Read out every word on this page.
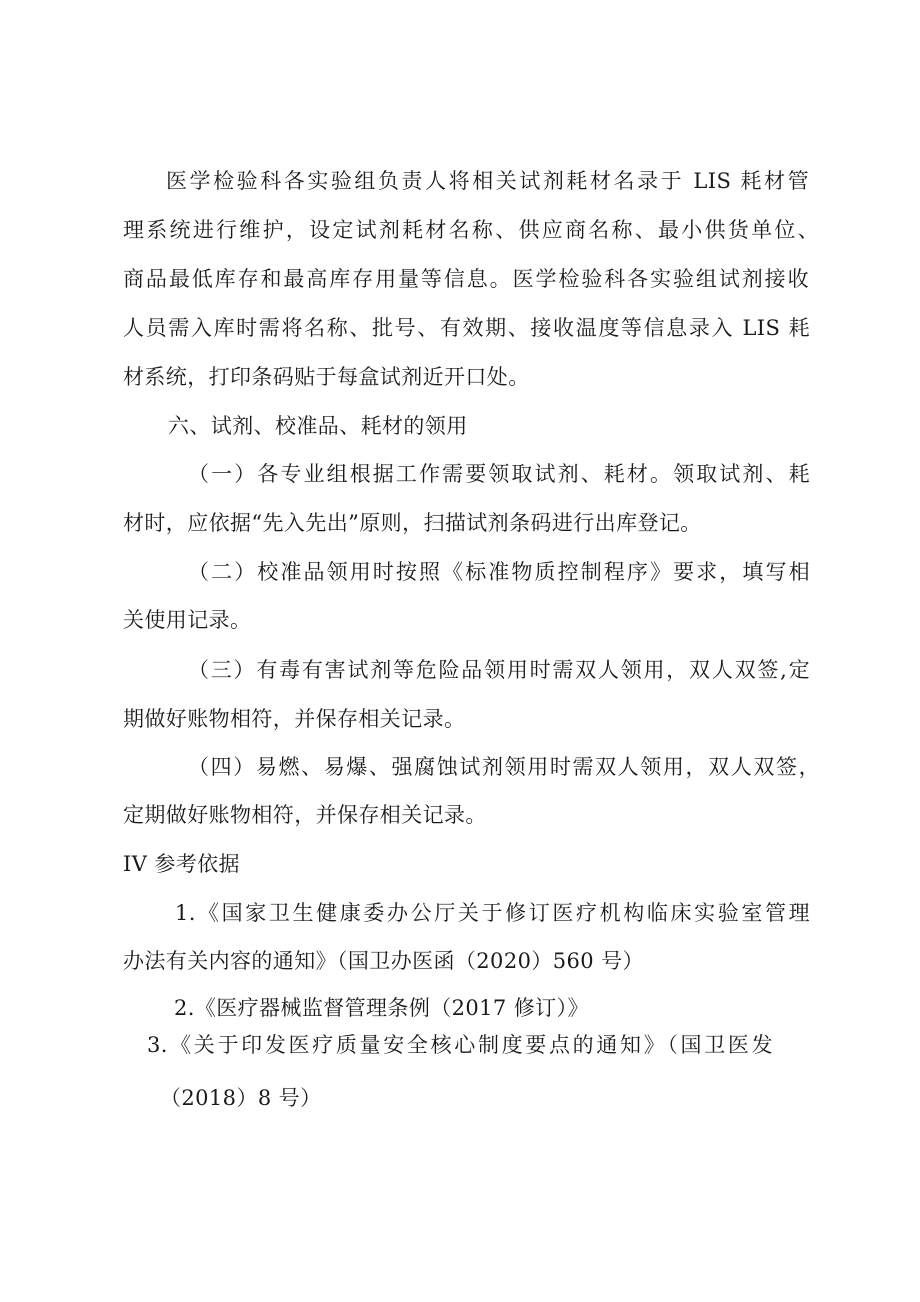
医学检验科各实验组负责人将相关试剂耗材名录于 LIS 耗材管
理系统进行维护，设定试剂耗材名称、供应商名称、最小供货单位、
商品最低库存和最高库存用量等信息。医学检验科各实验组试剂接收
人员需入库时需将名称、批号、有效期、接收温度等信息录入 LIS 耗
材系统，打印条码贴于每盒试剂近开口处。
六、试剂、校准品、耗材的领用
（一）各专业组根据工作需要领取试剂、耗材。领取试剂、耗
材时，应依据“先入先出”原则，扫描试剂条码进行出库登记。
（二）校准品领用时按照《标准物质控制程序》要求，填写相
关使用记录。
（三）有毒有害试剂等危险品领用时需双人领用，双人双签,定
期做好账物相符，并保存相关记录。
（四）易燃、易爆、强腐蚀试剂领用时需双人领用，双人双签，
定期做好账物相符，并保存相关记录。
IV 参考依据
1.《国家卫生健康委办公厅关于修订医疗机构临床实验室管理
办法有关内容的通知》（国卫办医函（2020）560 号）
2.《医疗器械监督管理条例（2017 修订）》
3.《关于印发医疗质量安全核心制度要点的通知》（国卫医发
（2018）8 号）
